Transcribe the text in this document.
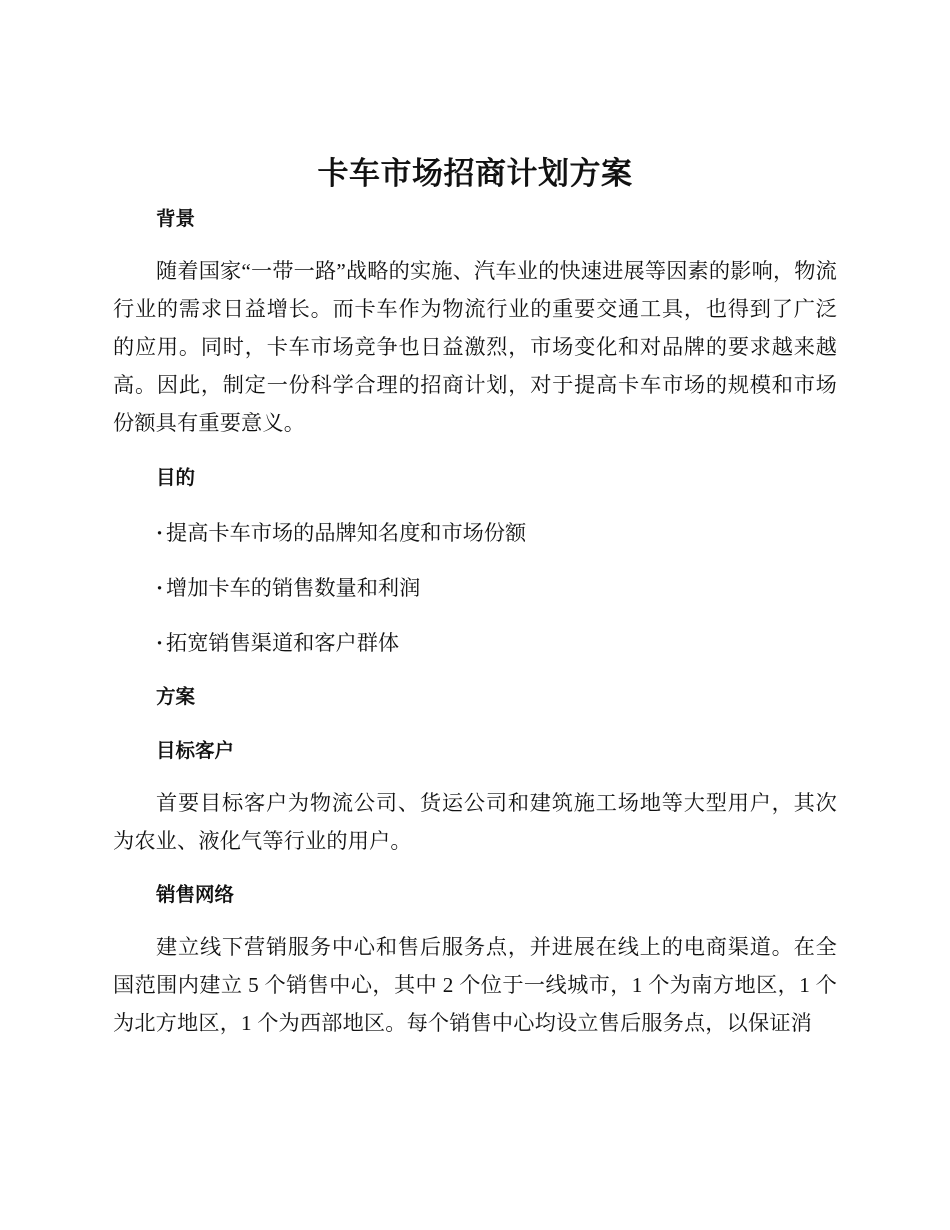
卡车市场招商计划方案
背景

随着国家“一带一路”战略的实施、汽车业的快速进展等因素的影响，物流行业的需求日益增长。而卡车作为物流行业的重要交通工具，也得到了广泛的应用。同时，卡车市场竞争也日益激烈，市场变化和对品牌的要求越来越高。因此，制定一份科学合理的招商计划，对于提高卡车市场的规模和市场份额具有重要意义。

目的
· 提高卡车市场的品牌知名度和市场份额
· 增加卡车的销售数量和利润
· 拓宽销售渠道和客户群体
方案
目标客户

首要目标客户为物流公司、货运公司和建筑施工场地等大型用户，其次为农业、液化气等行业的用户。

销售网络

建立线下营销服务中心和售后服务点，并进展在线上的电商渠道。在全国范围内建立 5 个销售中心，其中 2 个位于一线城市，1 个为南方地区，1 个为北方地区，1 个为西部地区。每个销售中心均设立售后服务点，以保证消
